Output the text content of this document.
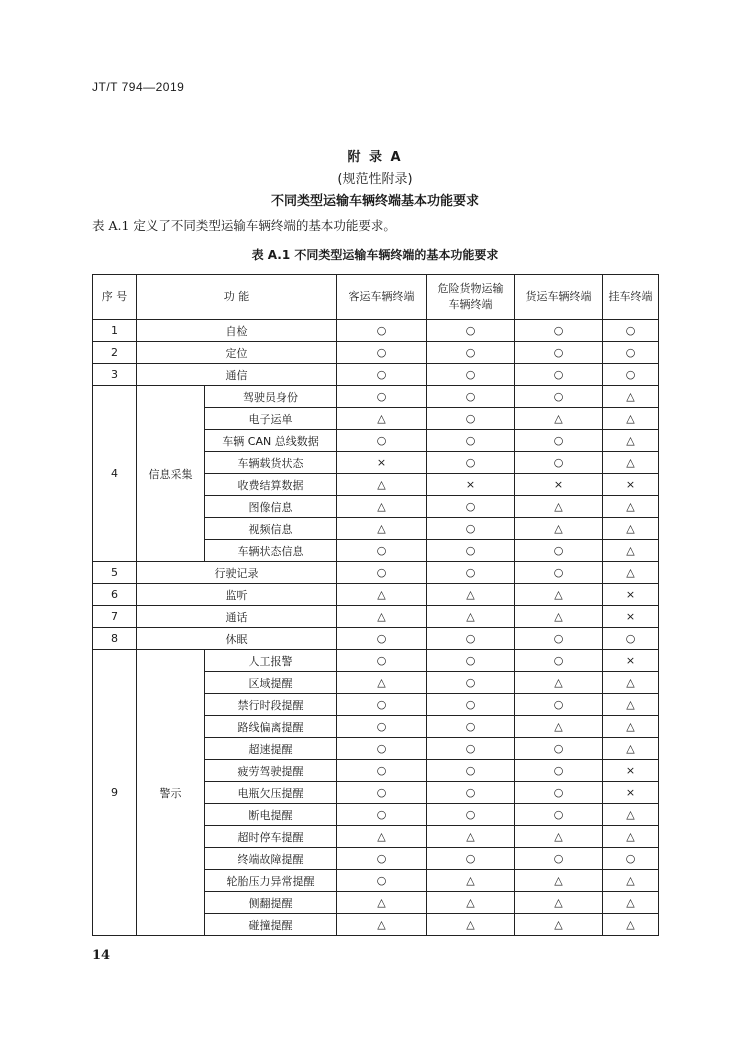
JT/T 794—2019
附 录 A
(规范性附录)
不同类型运输车辆终端基本功能要求
表 A.1 定义了不同类型运输车辆终端的基本功能要求。
表 A.1 不同类型运输车辆终端的基本功能要求
序 号	功 能		客运车辆终端	危险货物运输
车辆终端	货运车辆终端	挂车终端
1	自检		○	○	○	○
2	定位		○	○	○	○
3	通信		○	○	○	○
4	信息采集	驾驶员身份	○	○	○	△
		电子运单	△	○	△	△
		车辆 CAN 总线数据	○	○	○	△
		车辆载货状态	×	○	○	△
		收费结算数据	△	×	×	×
		图像信息	△	○	△	△
		视频信息	△	○	△	△
		车辆状态信息	○	○	○	△
5	行驶记录		○	○	○	△
6	监听		△	△	△	×
7	通话		△	△	△	×
8	休眠		○	○	○	○
9	警示	人工报警	○	○	○	×
		区域提醒	△	○	△	△
		禁行时段提醒	○	○	○	△
		路线偏离提醒	○	○	△	△
		超速提醒	○	○	○	△
		疲劳驾驶提醒	○	○	○	×
		电瓶欠压提醒	○	○	○	×
		断电提醒	○	○	○	△
		超时停车提醒	△	△	△	△
		终端故障提醒	○	○	○	○
		轮胎压力异常提醒	○	△	△	△
		侧翻提醒	△	△	△	△
		碰撞提醒	△	△	△	△
14
